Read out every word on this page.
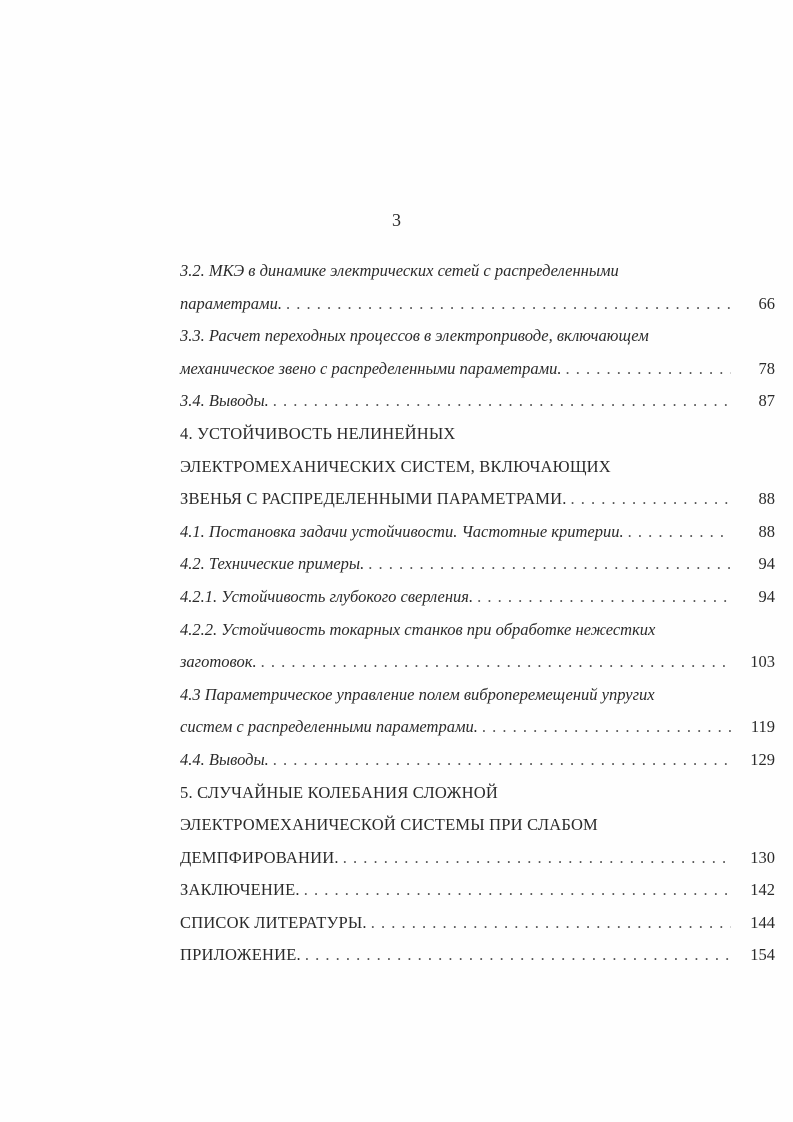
3
3.2. МКЭ в динамике электрических сетей с распределенными
параметрами. . . .	66
3.3. Расчет переходных процессов в электроприводе, включающем
механическое звено с распределенными параметрами. . . .	78
3.4. Выводы. . . .	87
4. УСТОЙЧИВОСТЬ НЕЛИНЕЙНЫХ
ЭЛЕКТРОМЕХАНИЧЕСКИХ СИСТЕМ, ВКЛЮЧАЮЩИХ
ЗВЕНЬЯ С РАСПРЕДЕЛЕННЫМИ ПАРАМЕТРАМИ. . . .	88
4.1. Постановка задачи устойчивости. Частотные критерии. . . .	88
4.2. Технические примеры. . . .	94
4.2.1. Устойчивость глубокого сверления. . . .	94
4.2.2. Устойчивость токарных станков при обработке нежестких
заготовок. . . .	103
4.3 Параметрическое управление полем виброперемещений упругих
систем с распределенными параметрами. . . .	119
4.4. Выводы. . . .	129
5. СЛУЧАЙНЫЕ КОЛЕБАНИЯ СЛОЖНОЙ
ЭЛЕКТРОМЕХАНИЧЕСКОЙ СИСТЕМЫ ПРИ СЛАБОМ
ДЕМПФИРОВАНИИ. . . .	130
ЗАКЛЮЧЕНИЕ. . . .	142
СПИСОК ЛИТЕРАТУРЫ. . . .	144
ПРИЛОЖЕНИЕ. . . .	154
